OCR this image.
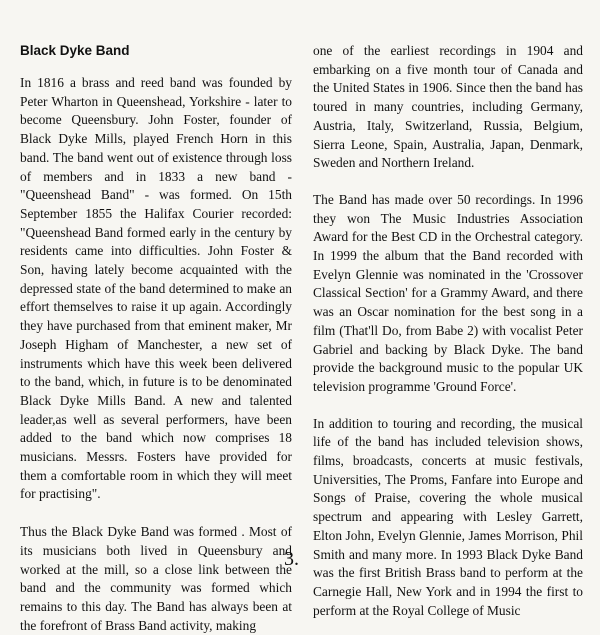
Black Dyke Band

In 1816 a brass and reed band was founded by Peter Wharton in Queenshead, Yorkshire - later to become Queensbury. John Foster, founder of Black Dyke Mills, played French Horn in this band. The band went out of existence through loss of members and in 1833 a new band - "Queenshead Band" - was formed. On 15th September 1855 the Halifax Courier recorded: "Queenshead Band formed early in the century by residents came into difficulties. John Foster & Son, having lately become acquainted with the depressed state of the band determined to make an effort themselves to raise it up again. Accordingly they have purchased from that eminent maker, Mr Joseph Higham of Manchester, a new set of instruments which have this week been delivered to the band, which, in future is to be denominated Black Dyke Mills Band. A new and talented leader,as well as several performers, have been added to the band which now comprises 18 musicians. Messrs. Fosters have provided for them a comfortable room in which they will meet for practising".

Thus the Black Dyke Band was formed . Most of its musicians both lived in Queensbury and worked at the mill, so a close link between the band and the community was formed which remains to this day. The Band has always been at the forefront of Brass Band activity, making

one of the earliest recordings in 1904 and embarking on a five month tour of Canada and the United States in 1906. Since then the band has toured in many countries, including Germany, Austria, Italy, Switzerland, Russia, Belgium, Sierra Leone, Spain, Australia, Japan, Denmark, Sweden and Northern Ireland.

The Band has made over 50 recordings. In 1996 they won The Music Industries Association Award for the Best CD in the Orchestral category. In 1999 the album that the Band recorded with Evelyn Glennie was nominated in the 'Crossover Classical Section' for a Grammy Award, and there was an Oscar nomination for the best song in a film (That'll Do, from Babe 2) with vocalist Peter Gabriel and backing by Black Dyke. The band provide the background music to the popular UK television programme 'Ground Force'.

In addition to touring and recording, the musical life of the band has included television shows, films, broadcasts, concerts at music festivals, Universities, The Proms, Fanfare into Europe and Songs of Praise, covering the whole musical spectrum and appearing with Lesley Garrett, Elton John, Evelyn Glennie, James Morrison, Phil Smith and many more. In 1993 Black Dyke Band was the first British Brass band to perform at the Carnegie Hall, New York and in 1994 the first to perform at the Royal College of Music

3.
